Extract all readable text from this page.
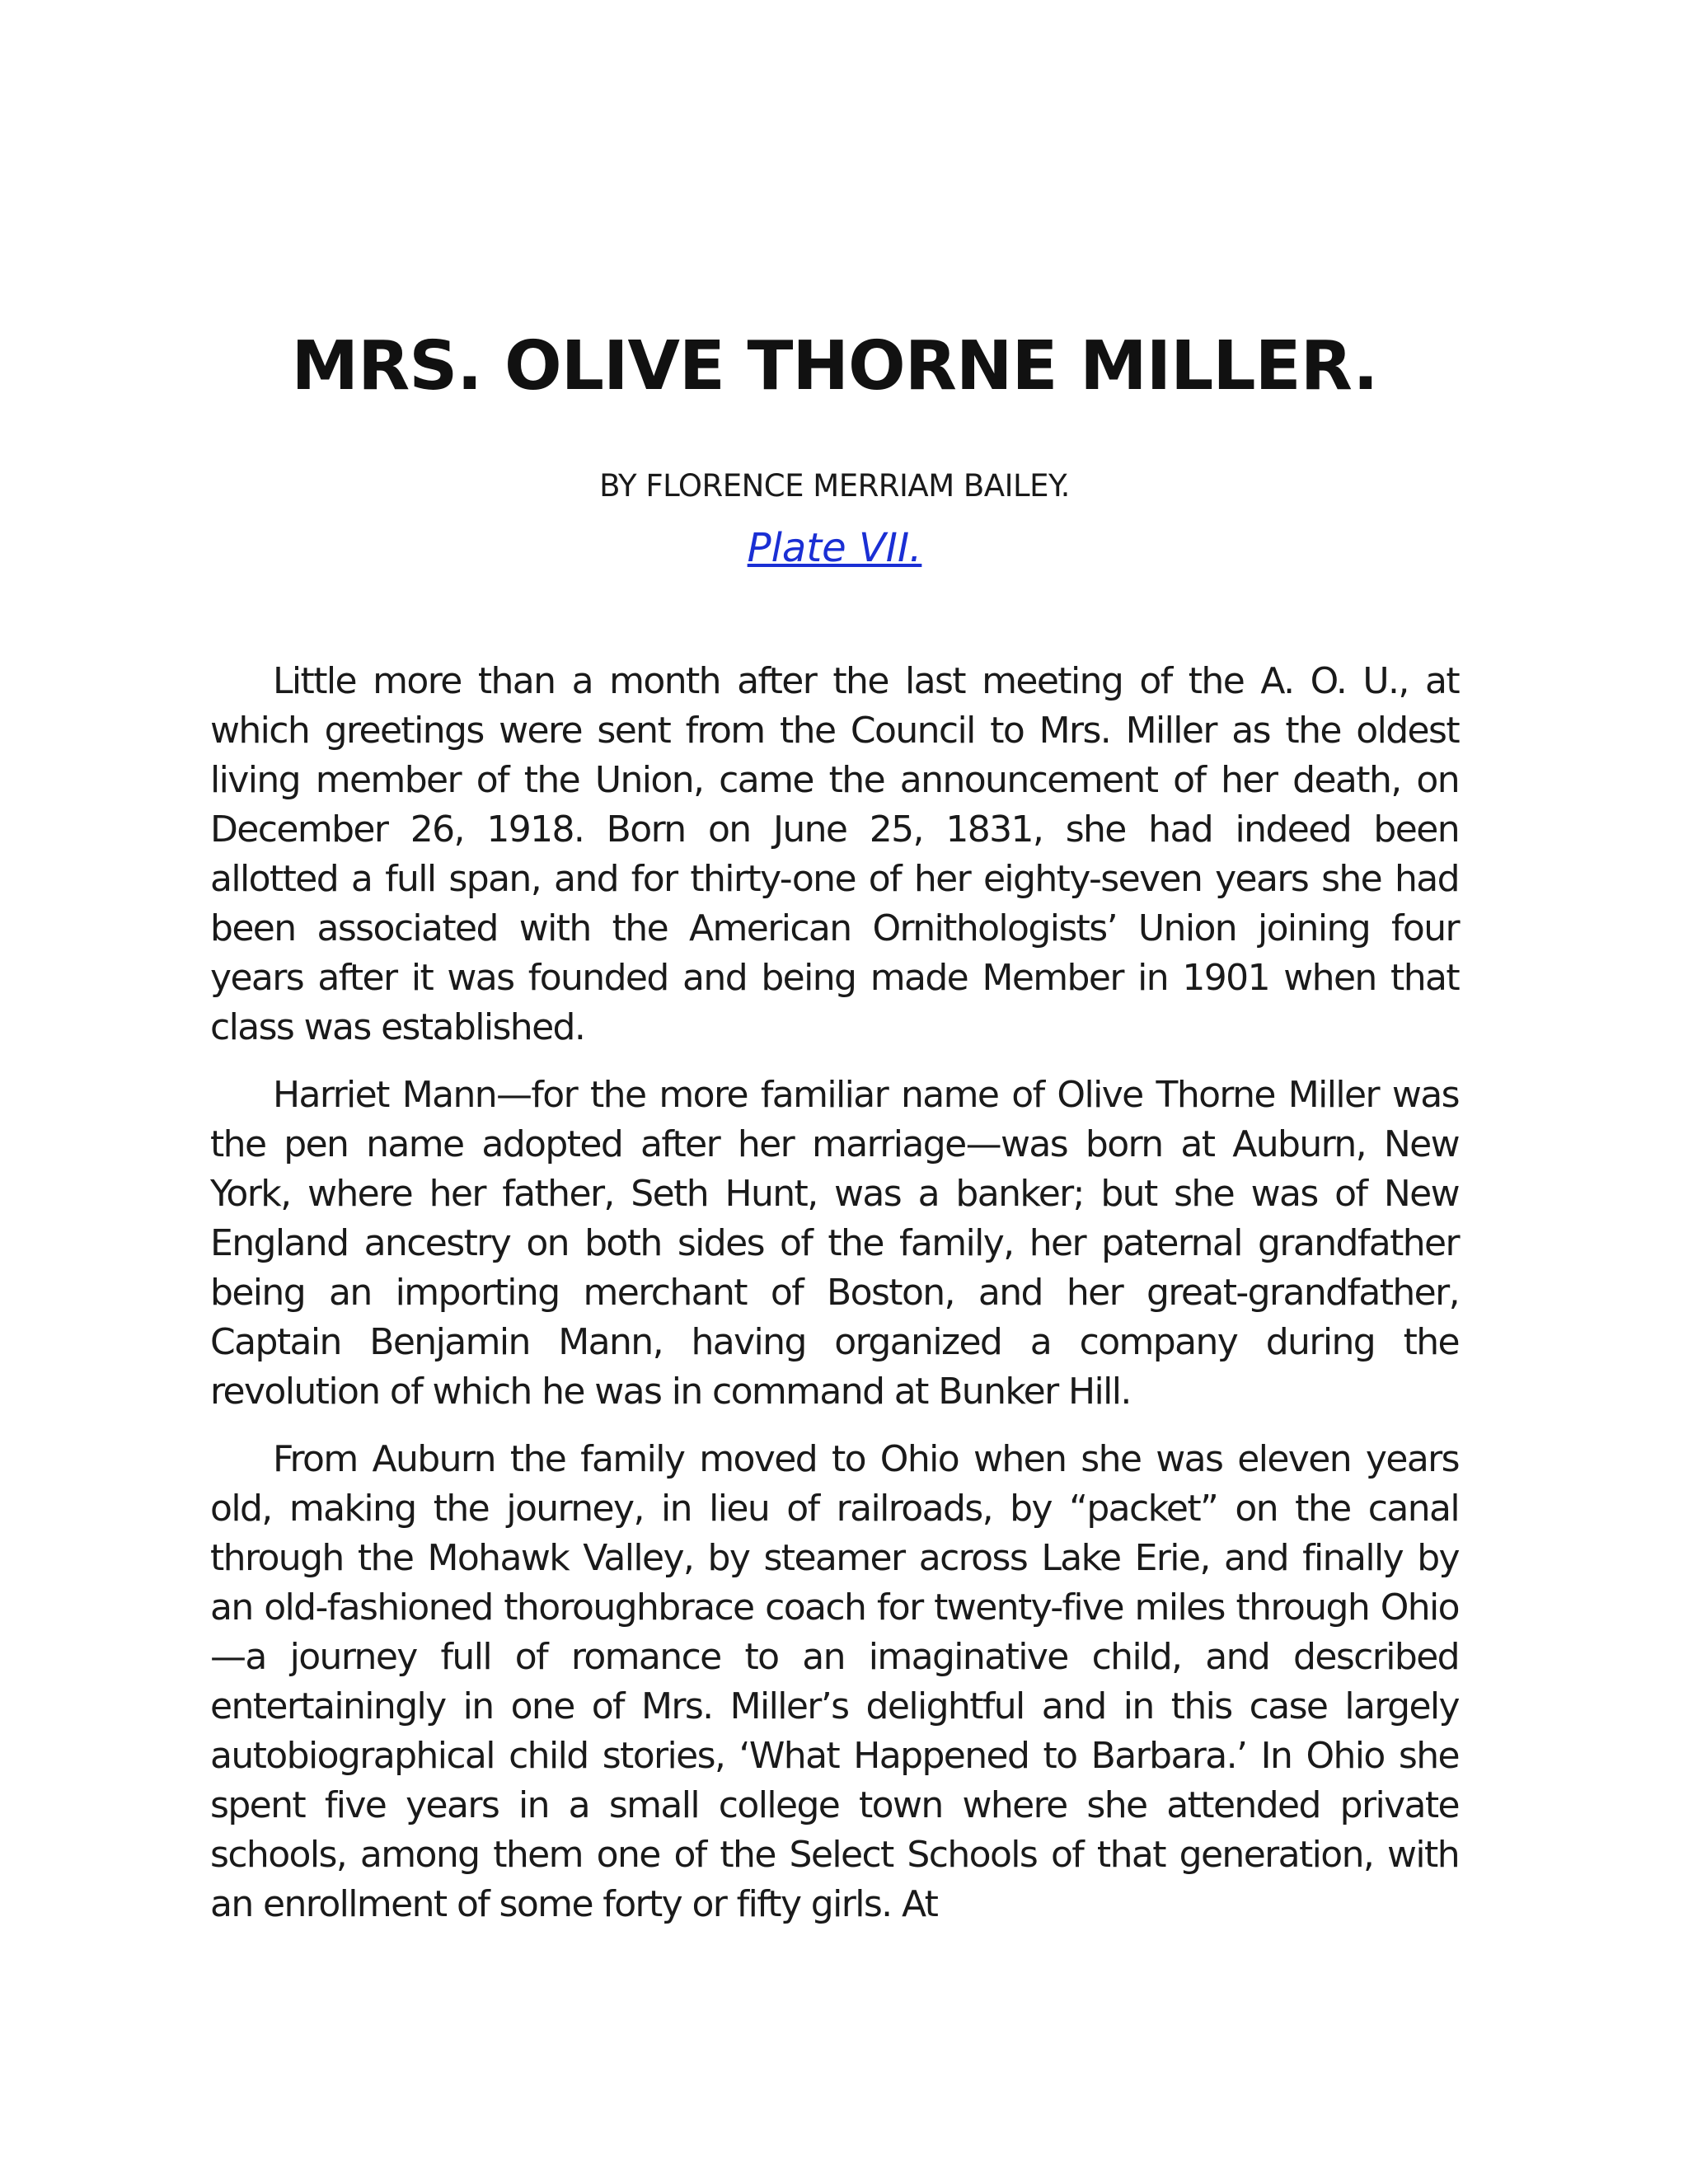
MRS. OLIVE THORNE MILLER.
BY FLORENCE MERRIAM BAILEY.
Plate VII.

Little more than a month after the last meeting of the A. O. U., at which greetings were sent from the Council to Mrs. Miller as the oldest living member of the Union, came the announcement of her death, on December 26, 1918. Born on June 25, 1831, she had indeed been allotted a full span, and for thirty-one of her eighty-seven years she had been associated with the American Ornithologists’ Union joining four years after it was founded and being made Member in 1901 when that class was established.

Harriet Mann—for the more familiar name of Olive Thorne Miller was the pen name adopted after her marriage—was born at Auburn, New York, where her father, Seth Hunt, was a banker; but she was of New England ancestry on both sides of the family, her paternal grandfather being an importing merchant of Boston, and her great-grandfather, Captain Benjamin Mann, having organized a company during the revolution of which he was in command at Bunker Hill.

From Auburn the family moved to Ohio when she was eleven years old, making the journey, in lieu of railroads, by “packet” on the canal through the Mohawk Valley, by steamer across Lake Erie, and finally by an old-fashioned thoroughbrace coach for twenty-five miles through Ohio—a journey full of romance to an imaginative child, and described entertainingly in one of Mrs. Miller’s delightful and in this case largely autobiographical child stories, ‘What Happened to Barbara.’ In Ohio she spent five years in a small college town where she attended private schools, among them one of the Select Schools of that generation, with an enrollment of some forty or fifty girls. At
